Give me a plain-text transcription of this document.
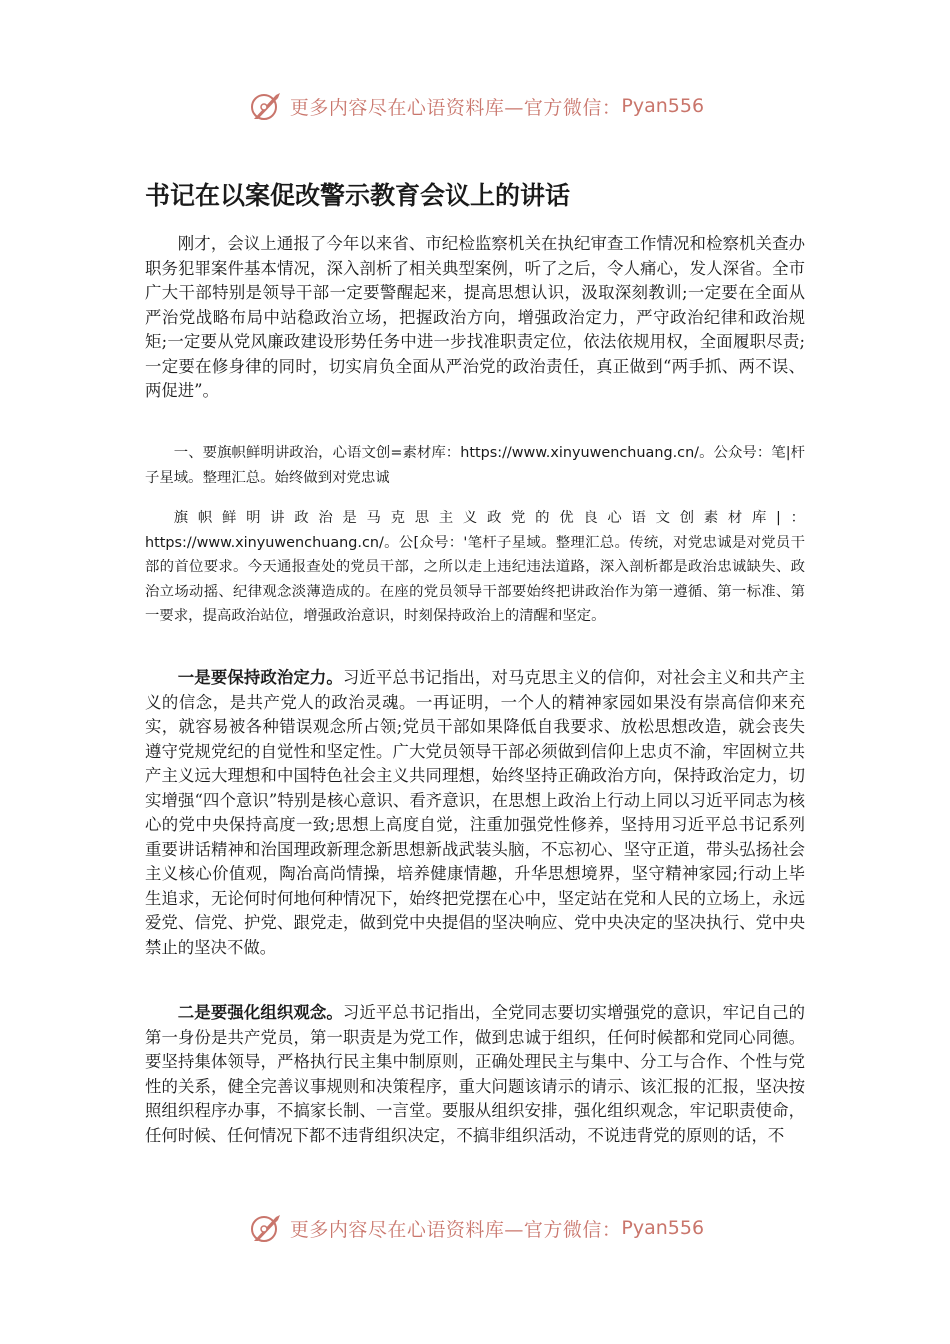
更多内容尽在心语资料库—官方微信： Pyan556
书记在以案促改警示教育会议上的讲话

刚才，会议上通报了今年以来省、市纪检监察机关在执纪审查工作情况和检察机关查办职务犯罪案件基本情况，深入剖析了相关典型案例，听了之后，令人痛心，发人深省。全市广大干部特别是领导干部一定要警醒起来，提高思想认识，汲取深刻教训;一定要在全面从严治党战略布局中站稳政治立场，把握政治方向，增强政治定力，严守政治纪律和政治规矩;一定要从党风廉政建设形势任务中进一步找准职责定位，依法依规用权，全面履职尽责;一定要在修身律的同时，切实肩负全面从严治党的政治责任，真正做到“两手抓、两不误、两促进”。

一、要旗帜鲜明讲政治，心语文创=素材库：https://www.xinyuwenchuang.cn/。公众号：笔|杆子星域。整理汇总。始终做到对党忠诚

旗帜鲜明讲政治是马克思主义政党的优良心语文创素材库|：https://www.xinyuwenchuang.cn/。公[众号：'笔杆子星域。整理汇总。传统，对党忠诚是对党员干部的首位要求。今天通报查处的党员干部，之所以走上违纪违法道路，深入剖析都是政治忠诚缺失、政治立场动摇、纪律观念淡薄造成的。在座的党员领导干部要始终把讲政治作为第一遵循、第一标准、第一要求，提高政治站位，增强政治意识，时刻保持政治上的清醒和坚定。

一是要保持政治定力。习近平总书记指出，对马克思主义的信仰，对社会主义和共产主义的信念，是共产党人的政治灵魂。一再证明，一个人的精神家园如果没有崇高信仰来充实，就容易被各种错误观念所占领;党员干部如果降低自我要求、放松思想改造，就会丧失遵守党规党纪的自觉性和坚定性。广大党员领导干部必须做到信仰上忠贞不渝，牢固树立共产主义远大理想和中国特色社会主义共同理想，始终坚持正确政治方向，保持政治定力，切实增强“四个意识”特别是核心意识、看齐意识，在思想上政治上行动上同以习近平同志为核心的党中央保持高度一致;思想上高度自觉，注重加强党性修养，坚持用习近平总书记系列重要讲话精神和治国理政新理念新思想新战武装头脑，不忘初心、坚守正道，带头弘扬社会主义核心价值观，陶冶高尚情操，培养健康情趣，升华思想境界，坚守精神家园;行动上毕生追求，无论何时何地何种情况下，始终把党摆在心中，坚定站在党和人民的立场上，永远爱党、信党、护党、跟党走，做到党中央提倡的坚决响应、党中央决定的坚决执行、党中央禁止的坚决不做。

二是要强化组织观念。习近平总书记指出，全党同志要切实增强党的意识，牢记自己的第一身份是共产党员，第一职责是为党工作，做到忠诚于组织，任何时候都和党同心同德。要坚持集体领导，严格执行民主集中制原则，正确处理民主与集中、分工与合作、个性与党性的关系，健全完善议事规则和决策程序，重大问题该请示的请示、该汇报的汇报，坚决按照组织程序办事，不搞家长制、一言堂。要服从组织安排，强化组织观念，牢记职责使命，任何时候、任何情况下都不违背组织决定，不搞非组织活动，不说违背党的原则的话，不

更多内容尽在心语资料库—官方微信： Pyan556
